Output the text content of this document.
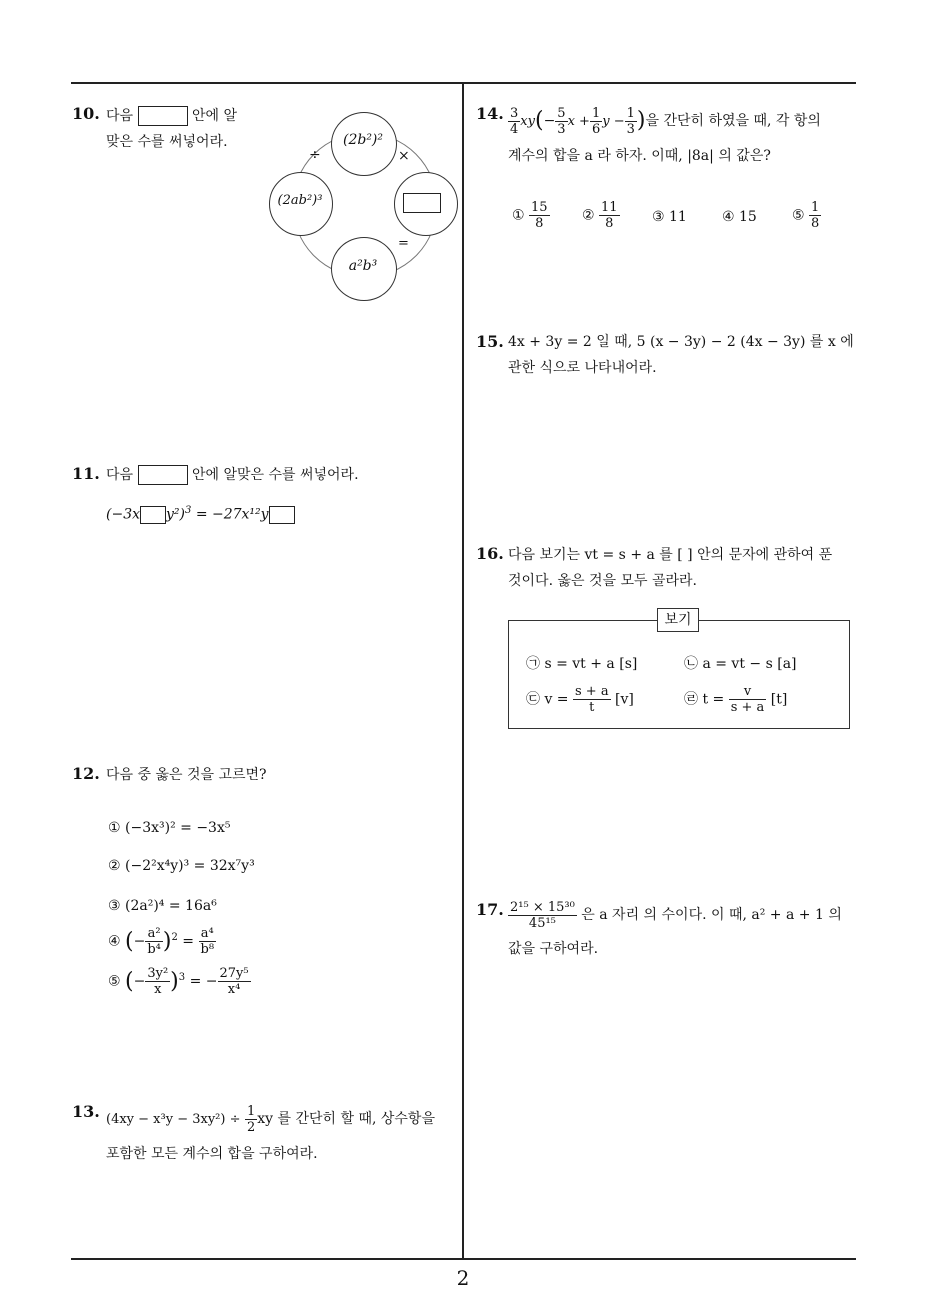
10. 다음	안에 알
맞은 수를 써넣어라.	(2b²)²
(2ab²)³
a²b³
÷	×
=
11. 다음	안에 알맞은 수를 써넣어라.
(−3x y²)$^3$ = −27x¹²y
12. 다음 중 옳은 것을 고르면?
① (−3x³)² = −3x⁵
② (−2²x⁴y)³ = 32x⁷y³
③ (2a²)⁴ = 16a⁶
④ (− $\frac{\text{a²}}{\text{b⁴}} )^2 = \frac{\text{a⁴}}{\text{b⁸}}$
⑤ (− $\frac{\text{3y²}}{x} )^3$ = − $\frac{\text{27y⁵}}{\text{x⁴}}$
13. $(4xy - x^3y - 3xy^2) \div \frac{1}{2}$ xy 를 간단히 할 때, 상수항을
포함한 모든 계수의 합을 구하여라.
14. $\frac{3}{4} xy(- \frac{5}{3}$ $x + \frac{1}{6}$ $y - \frac{1}{3}$ )을 간단히 하였을 때, 각 항의
계수의 합을 a 라 하자. 이때, |8a| 의 값은?
① $\frac{15}{8}$ ② $\frac{11}{8}$ ③ 11	④ 15	⑤ $\frac{1}{8}$
15. 4x + 3y = 2 일 때, 5 (x − 3y) − 2 (4x − 3y) 를 x 에
관한 식으로 나타내어라.
16. 다음 보기는 vt = s + a 를 [ ] 안의 문자에 관하여 푼
것이다. 옳은 것을 모두 골라라.
보기
㉠ s = vt + a [s]	㉡ a = vt − s [a]
㉢ $v = \frac{s + a}{t} [v]$	㉣ $t = \frac{v}{s + a} [t]$
17. $\frac{\text{2¹⁵ × 15³⁰}}{\text{45¹⁵}}$ 은 a 자리 의 수이다. 이 때, a² + a + 1 의
값을 구하여라.
2
